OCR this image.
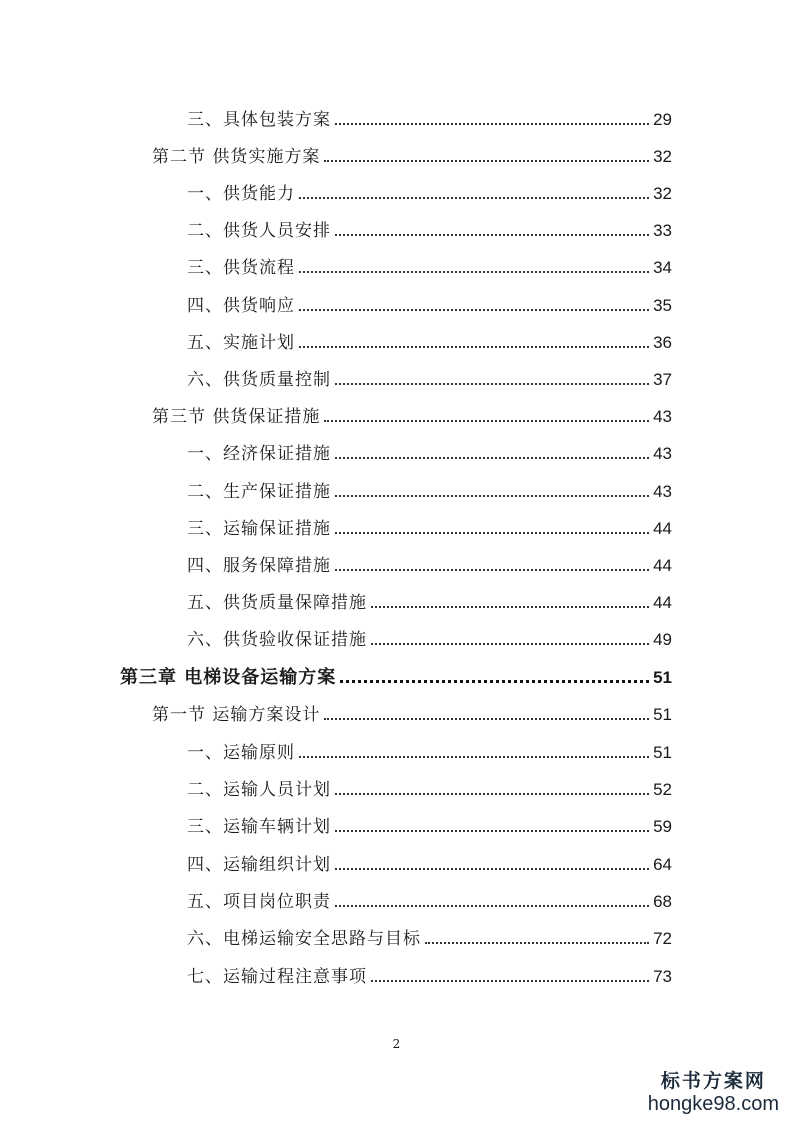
三、具体包装方案	29
第二节 供货实施方案	32
一、供货能力	32
二、供货人员安排	33
三、供货流程	34
四、供货响应	35
五、实施计划	36
六、供货质量控制	37
第三节 供货保证措施	43
一、经济保证措施	43
二、生产保证措施	43
三、运输保证措施	44
四、服务保障措施	44
五、供货质量保障措施	44
六、供货验收保证措施	49
第三章 电梯设备运输方案	51
第一节 运输方案设计	51
一、运输原则	51
二、运输人员计划	52
三、运输车辆计划	59
四、运输组织计划	64
五、项目岗位职责	68
六、电梯运输安全思路与目标	72
七、运输过程注意事项	73
2
标书方案网
hongke98.com
